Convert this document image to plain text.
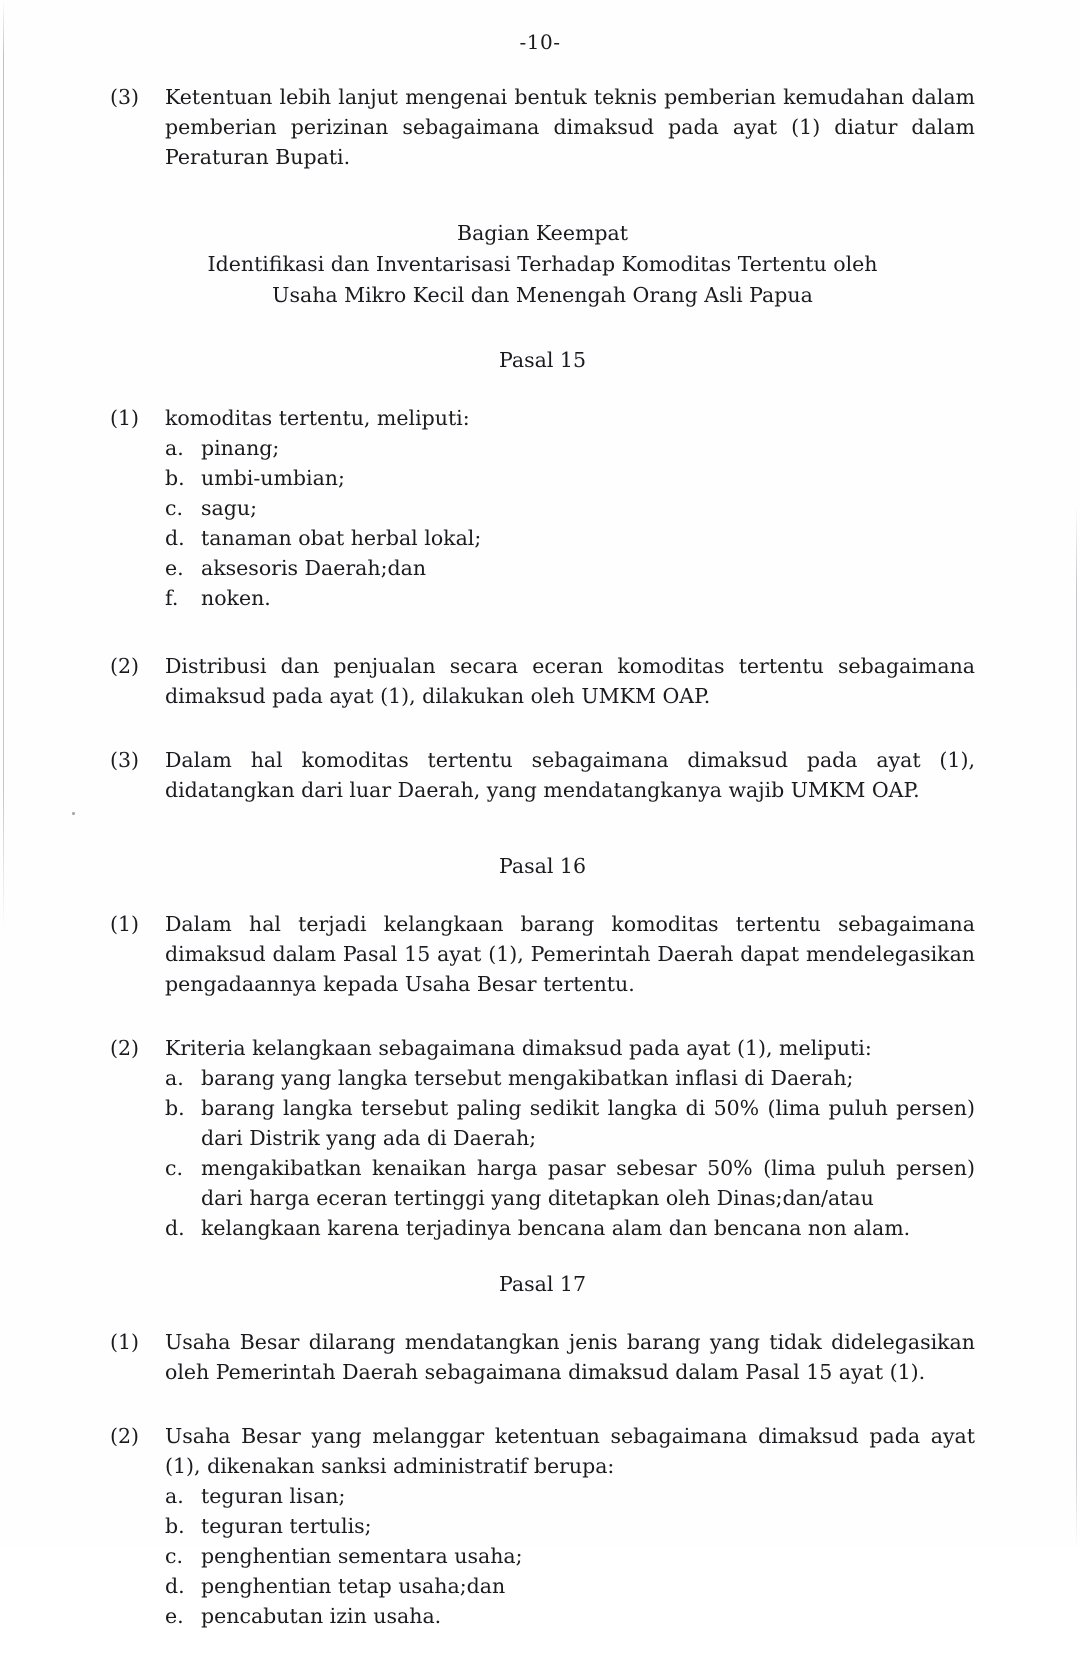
-10-
(3)	Ketentuan lebih lanjut mengenai bentuk teknis pemberian kemudahan dalam pemberian perizinan sebagaimana dimaksud pada ayat (1) diatur dalam Peraturan Bupati.
Bagian Keempat
Identifikasi dan Inventarisasi Terhadap Komoditas Tertentu oleh
Usaha Mikro Kecil dan Menengah Orang Asli Papua
Pasal 15
(1)	komoditas tertentu, meliputi:
a. pinang;
b. umbi-umbian;
c. sagu;
d. tanaman obat herbal lokal;
e. aksesoris Daerah;dan
f.	noken.
(2)	Distribusi dan penjualan secara eceran komoditas tertentu sebagaimana dimaksud pada ayat (1), dilakukan oleh UMKM OAP.
(3)	Dalam hal komoditas tertentu sebagaimana dimaksud pada ayat (1), didatangkan dari luar Daerah, yang mendatangkanya wajib UMKM OAP.
Pasal 16
(1)	Dalam hal terjadi kelangkaan barang komoditas tertentu sebagaimana dimaksud dalam Pasal 15 ayat (1), Pemerintah Daerah dapat mendelegasikan pengadaannya kepada Usaha Besar tertentu.
(2)	Kriteria kelangkaan sebagaimana dimaksud pada ayat (1), meliputi:
a. barang yang langka tersebut mengakibatkan inflasi di Daerah;
b. barang langka tersebut paling sedikit langka di 50% (lima puluh persen) dari Distrik yang ada di Daerah;
c. mengakibatkan kenaikan harga pasar sebesar 50% (lima puluh persen) dari harga eceran tertinggi yang ditetapkan oleh Dinas;dan/atau
d. kelangkaan karena terjadinya bencana alam dan bencana non alam.
Pasal 17
(1)	Usaha Besar dilarang mendatangkan jenis barang yang tidak didelegasikan oleh Pemerintah Daerah sebagaimana dimaksud dalam Pasal 15 ayat (1).
(2)	Usaha Besar yang melanggar ketentuan sebagaimana dimaksud pada ayat (1), dikenakan sanksi administratif berupa:
a. teguran lisan;
b. teguran tertulis;
c. penghentian sementara usaha;
d. penghentian tetap usaha;dan
e. pencabutan izin usaha.
